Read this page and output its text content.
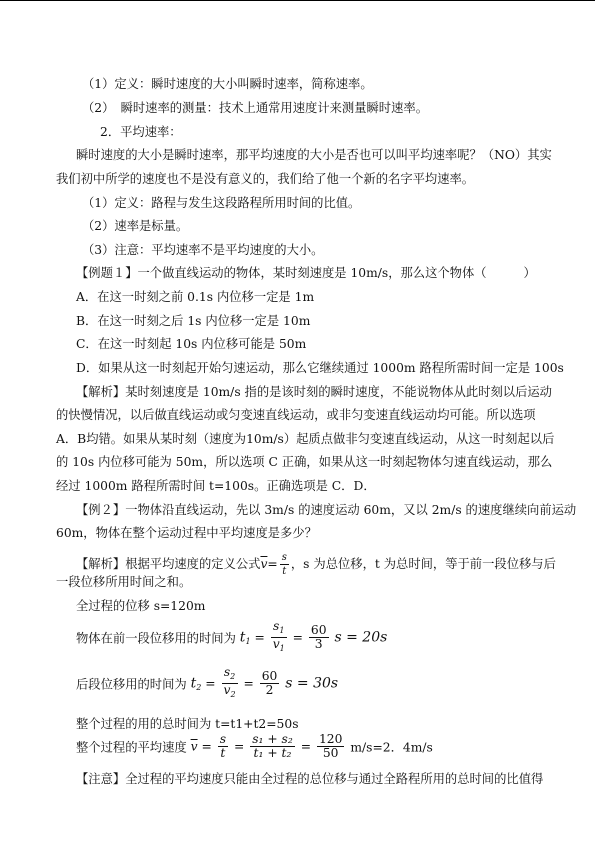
（1）定义：瞬时速度的大小叫瞬时速率，简称速率。
（2）　瞬时速率的测量：技术上通常用速度计来测量瞬时速率。
2．平均速率：
瞬时速度的大小是瞬时速率，那平均速度的大小是否也可以叫平均速率呢？（NO）其实
我们初中所学的速度也不是没有意义的，我们给了他一个新的名字平均速率。
（1）定义：路程与发生这段路程所用时间的比值。
（2）速率是标量。
（3）注意：平均速率不是平均速度的大小。
【例题１】一个做直线运动的物体，某时刻速度是 10m/s，那么这个物体（　　　）
A．在这一时刻之前 0.1s 内位移一定是 1m
B．在这一时刻之后 1s 内位移一定是 10m
C．在这一时刻起 10s 内位移可能是 50m
D．如果从这一时刻起开始匀速运动，那么它继续通过 1000m 路程所需时间一定是 100s
【解析】某时刻速度是 10m/s 指的是该时刻的瞬时速度，不能说物体从此时刻以后运动
的快慢情况，以后做直线运动或匀变速直线运动，或非匀变速直线运动均可能。所以选项
A．B均错。如果从某时刻（速度为10m/s）起质点做非匀变速直线运动，从这一时刻起以后
的 10s 内位移可能为 50m，所以选项 C 正确，如果从这一时刻起物体匀速直线运动，那么
经过 1000m 路程所需时间 t=100s。正确选项是 C．D．
【例２】一物体沿直线运动，先以 3m/s 的速度运动 60m，又以 2m/s 的速度继续向前运动
60m，物体在整个运动过程中平均速度是多少？
【解析】根据平均速度的定义公式$\overline{v}= \frac{s}{t}$ ，s 为总位移，t 为总时间，等于前一段位移与后
一段位移所用时间之和。
全过程的位移 s=120m
物体在前一段位移用的时间为 $t_1 = \frac{s_1}{v_1} = \frac{60}{3}$ s = 20s
后段位移用的时间为 $t_2 = \frac{s_2}{v_2} = \frac{60}{2}$ s = 30s
整个过程的用的总时间为 t=t1+t2=50s
整个过程的平均速度 $\overline{v} = \frac{s}{t} = \frac{\text{s₁ + s₂}}{\text{t₁ + t₂}} = \frac{120}{50} m/s=2$．4m/s
【注意】全过程的平均速度只能由全过程的总位移与通过全路程所用的总时间的比值得
